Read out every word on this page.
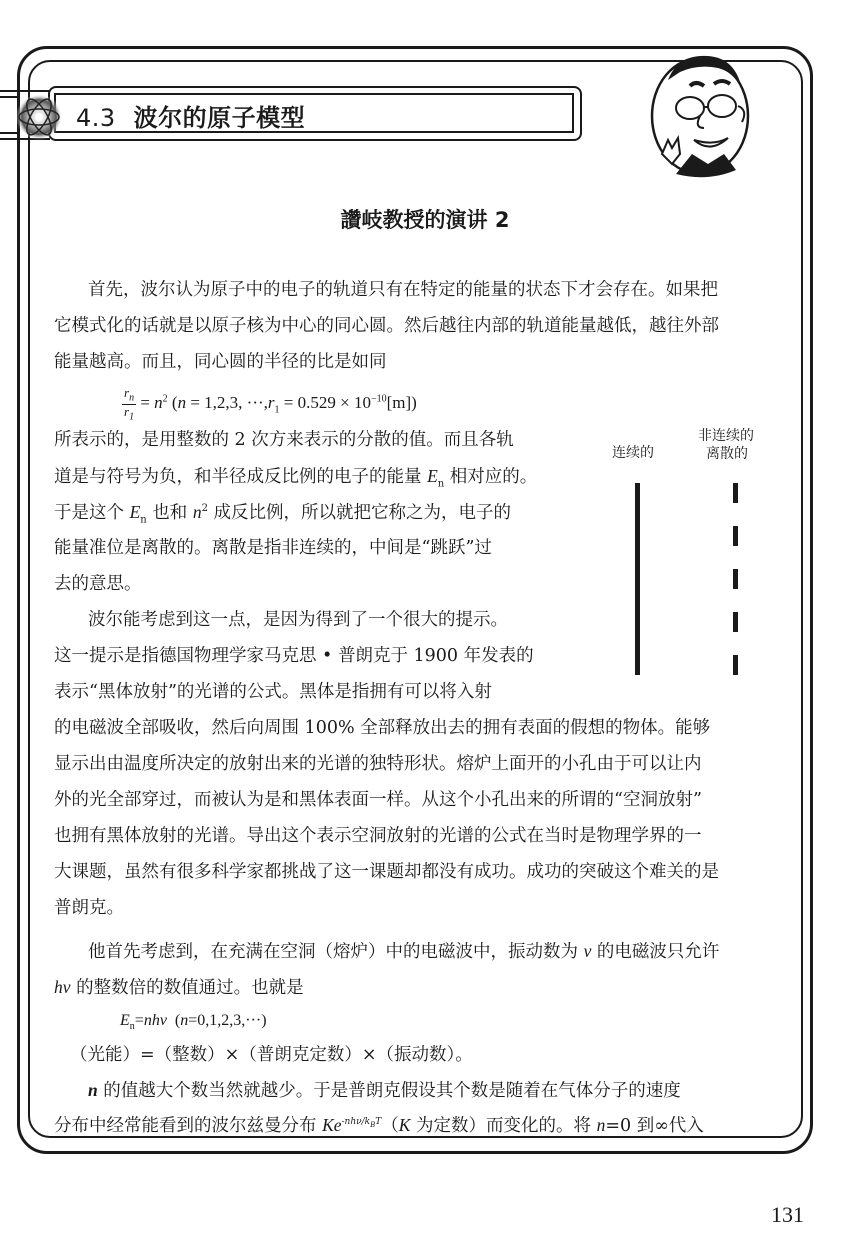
4.3 波尔的原子模型
讚岐教授的演讲 2
首先，波尔认为原子中的电子的轨道只有在特定的能量的状态下才会存在。如果把
它模式化的话就是以原子核为中心的同心圆。然后越往内部的轨道能量越低，越往外部
能量越高。而且，同心圆的半径的比是如同
$\frac{r_n}{r_1} = n^2$ (n = 1,2,3, $\cdot\cdot\cdot,r_1 = 0.529 \times 10^{-10}[m]$)
所表示的，是用整数的 2 次方来表示的分散的值。而且各轨
道是与符号为负，和半径成反比例的电子的能量 $E_n$ 相对应的。
于是这个 $E_n$ 也和 $n^2$ 成反比例，所以就把它称之为，电子的
能量准位是离散的。离散是指非连续的，中间是“跳跃”过
去的意思。
波尔能考虑到这一点，是因为得到了一个很大的提示。
这一提示是指德国物理学家马克思 • 普朗克于 1900 年发表的
表示“黑体放射”的光谱的公式。黑体是指拥有可以将入射
的电磁波全部吸收，然后向周围 100% 全部释放出去的拥有表面的假想的物体。能够
显示出由温度所决定的放射出来的光谱的独特形状。熔炉上面开的小孔由于可以让内
外的光全部穿过，而被认为是和黑体表面一样。从这个小孔出来的所谓的“空洞放射”
也拥有黑体放射的光谱。导出这个表示空洞放射的光谱的公式在当时是物理学界的一
大课题，虽然有很多科学家都挑战了这一课题却都没有成功。成功的突破这个难关的是
普朗克。
他首先考虑到，在充满在空洞（熔炉）中的电磁波中，振动数为 ν 的电磁波只允许
hν 的整数倍的数值通过。也就是
$E_n=nh\nu$  (n=0,1,2,3,···)
（光能）=（整数）×（普朗克定数）×（振动数）。
n 的值越大个数当然就越少。于是普朗克假设其个数是随着在气体分子的速度
分布中经常能看到的波尔兹曼分布 $Ke^{-nh\nu/k_BT}(K$ 为定数）而变化的。将 n=0 到∞代入
连续的
非连续的
离散的
131
